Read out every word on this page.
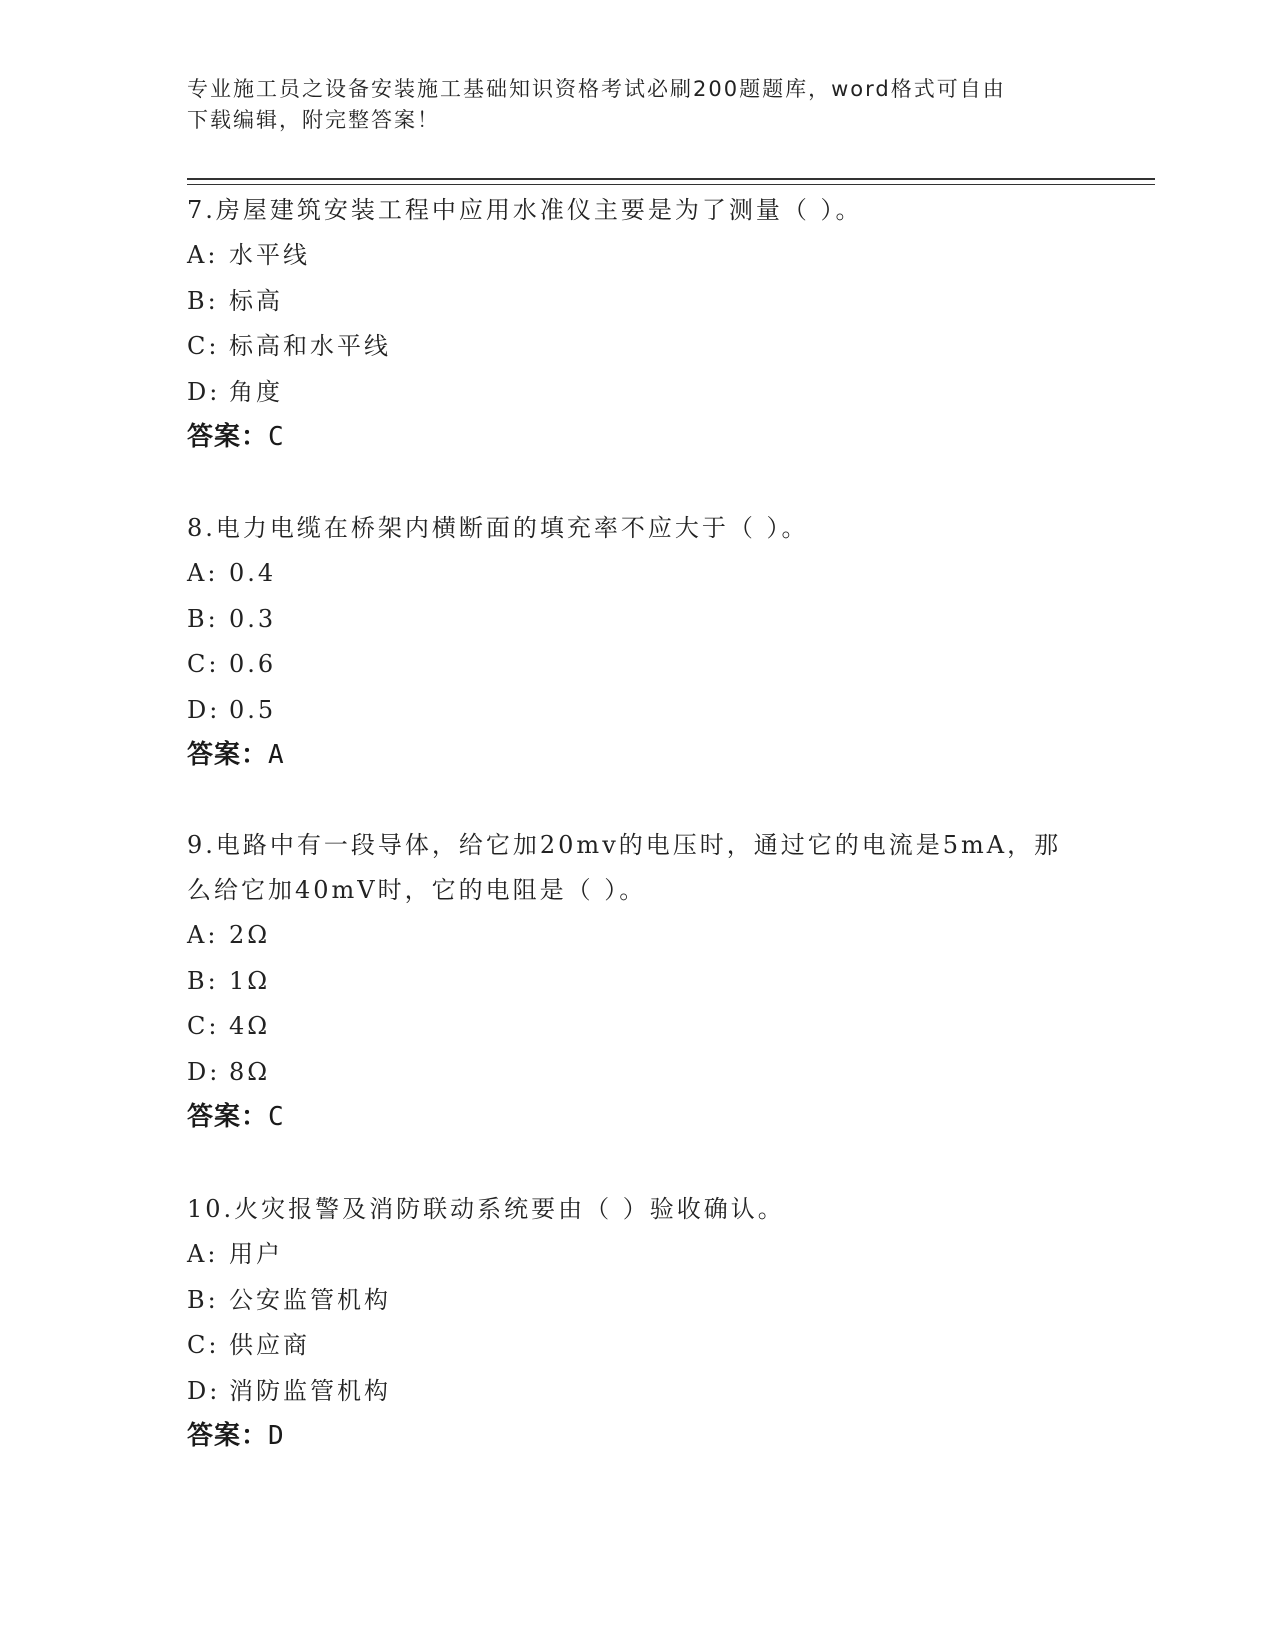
专业施工员之设备安装施工基础知识资格考试必刷200题题库，word格式可自由
下载编辑，附完整答案！
7.房屋建筑安装工程中应用水准仪主要是为了测量（ ）。
A: 水平线
B: 标高
C: 标高和水平线
D: 角度
答案：C
8.电力电缆在桥架内横断面的填充率不应大于（ ）。
A: 0.4
B: 0.3
C: 0.6
D: 0.5
答案：A
9.电路中有一段导体，给它加20mv的电压时，通过它的电流是5mA，那么给它加40mV时，它的电阻是（ ）。
A: 2Ω
B: 1Ω
C: 4Ω
D: 8Ω
答案：C
10.火灾报警及消防联动系统要由（ ）验收确认。
A: 用户
B: 公安监管机构
C: 供应商
D: 消防监管机构
答案：D
